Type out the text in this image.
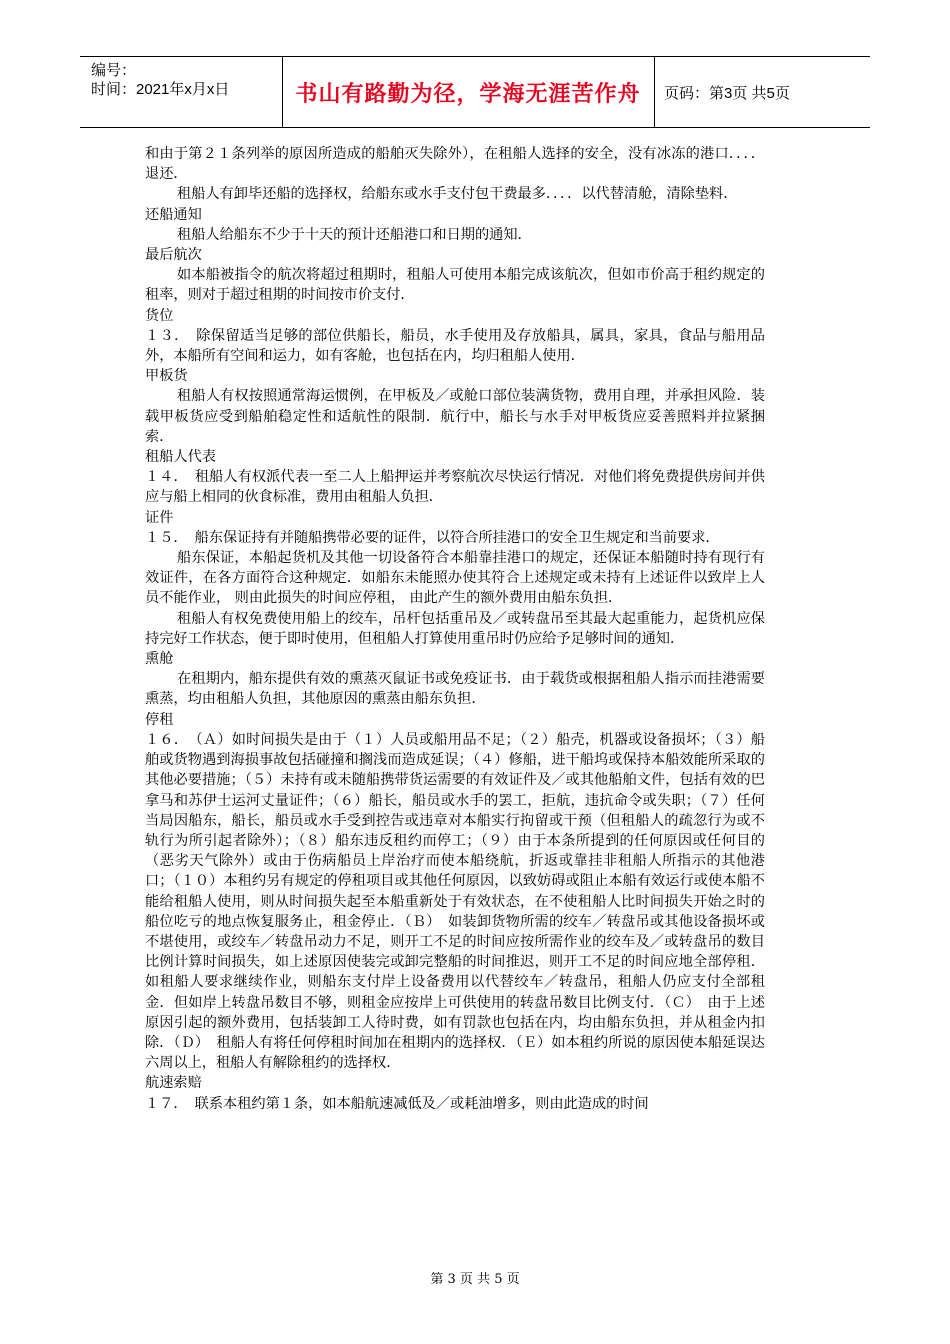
编号：
时间：2021年x月x日	书山有路勤为径，学海无涯苦作舟	页码：第3页 共5页

和由于第２１条列举的原因所造成的船舶灭失除外），在租船人选择的安全，没有冰冻的港口．．．．退还．

租船人有卸毕还船的选择权，给船东或水手支付包干费最多．．．．以代替清舱，清除垫料．

还船通知

租船人给船东不少于十天的预计还船港口和日期的通知．

最后航次

如本船被指令的航次将超过租期时，租船人可使用本船完成该航次，但如市价高于租约规定的租率，则对于超过租期的时间按市价支付．

货位

１３．　除保留适当足够的部位供船长，船员，水手使用及存放船具，属具，家具，食品与船用品外，本船所有空间和运力，如有客舱，也包括在内，均归租船人使用．

甲板货

租船人有权按照通常海运惯例，在甲板及／或舱口部位装满货物，费用自理，并承担风险．装载甲板货应受到船舶稳定性和适航性的限制．航行中，船长与水手对甲板货应妥善照料并拉紧捆索．

租船人代表

１４．　租船人有权派代表一至二人上船押运并考察航次尽快运行情况．对他们将免费提供房间并供应与船上相同的伙食标准，费用由租船人负担．

证件

１５．　船东保证持有并随船携带必要的证件，以符合所挂港口的安全卫生规定和当前要求．

船东保证，本船起货机及其他一切设备符合本船靠挂港口的规定，还保证本船随时持有现行有效证件，在各方面符合这种规定．如船东未能照办使其符合上述规定或未持有上述证件以致岸上人员不能作业， 则由此损失的时间应停租， 由此产生的额外费用由船东负担．

租船人有权免费使用船上的绞车，吊杆包括重吊及／或转盘吊至其最大起重能力，起货机应保持完好工作状态，便于即时使用，但租船人打算使用重吊时仍应给予足够时间的通知．

熏舱

在租期内，船东提供有效的熏蒸灭鼠证书或免疫证书．由于载货或根据租船人指示而挂港需要熏蒸，均由租船人负担，其他原因的熏蒸由船东负担．

停租

１６．　（Ａ）如时间损失是由于（１）人员或船用品不足；（２）船壳，机器或设备损坏；（３）船舶或货物遇到海损事故包括碰撞和搁浅而造成延误；（４）修船，进干船坞或保持本船效能所采取的其他必要措施；（５）未持有或未随船携带货运需要的有效证件及／或其他船舶文件，包括有效的巴拿马和苏伊士运河丈量证件；（６）船长，船员或水手的罢工，拒航，违抗命令或失职；（７）任何当局因船东，船长，船员或水手受到控告或违章对本船实行拘留或干预（但租船人的疏忽行为或不轨行为所引起者除外）；（８）船东违反租约而停工；（９）由于本条所提到的任何原因或任何目的（恶劣天气除外）或由于伤病船员上岸治疗而使本船绕航，折返或靠挂非租船人所指示的其他港口；（１０）本租约另有规定的停租项目或其他任何原因，以致妨碍或阻止本船有效运行或使本船不能给租船人使用，则从时间损失起至本船重新处于有效状态，在不使租船人比时间损失开始之时的船位吃亏的地点恢复服务止，租金停止．（Ｂ）　如装卸货物所需的绞车／转盘吊或其他设备损坏或不堪使用，或绞车／转盘吊动力不足，则开工不足的时间应按所需作业的绞车及／或转盘吊的数目比例计算时间损失，如上述原因使装完或卸完整船的时间推迟，则开工不足的时间应地全部停租．如租船人要求继续作业，则船东支付岸上设备费用以代替绞车／转盘吊，租船人仍应支付全部租金．但如岸上转盘吊数目不够，则租金应按岸上可供使用的转盘吊数目比例支付．（Ｃ）　由于上述原因引起的额外费用，包括装卸工人待时费，如有罚款也包括在内，均由船东负担，并从租金内扣除．（Ｄ）　租船人有将任何停租时间加在租期内的选择权．（Ｅ）如本租约所说的原因使本船延误达六周以上，租船人有解除租约的选择权．

航速索赔

１７．　联系本租约第１条，如本船航速减低及／或耗油增多，则由此造成的时间

第 3 页 共 5 页
